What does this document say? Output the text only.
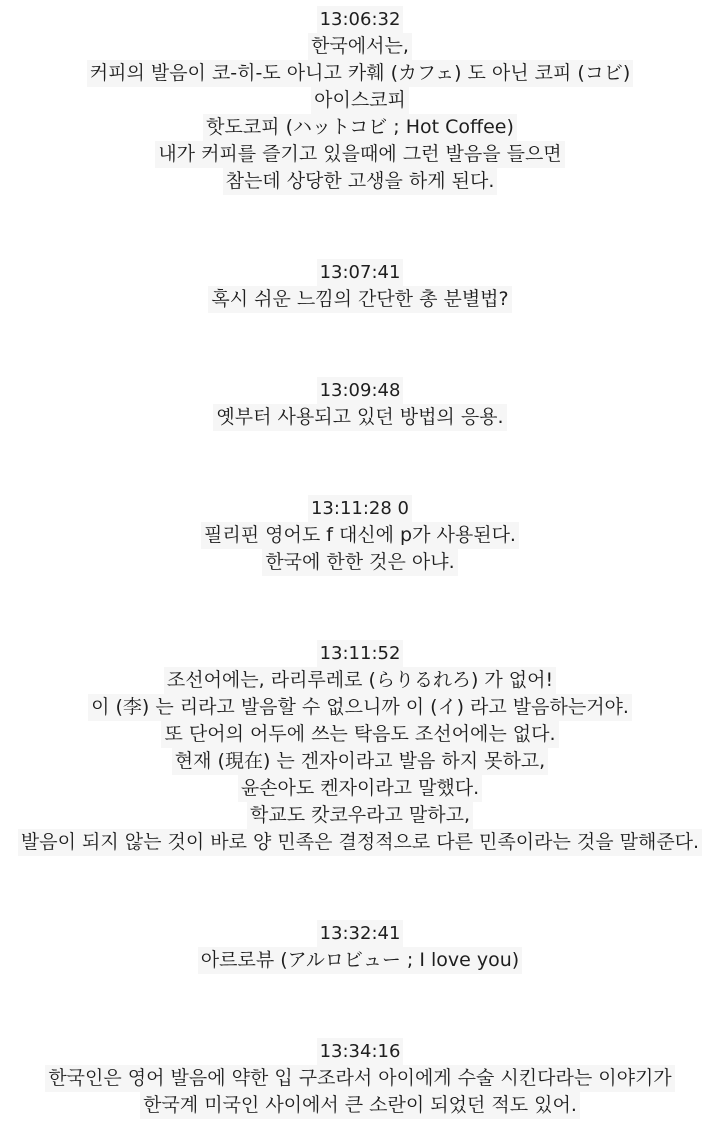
13:06:32
한국에서는,
커피의 발음이 코-히-도 아니고 카훼 (カフェ) 도 아닌 코피 (コビ)
아이스코피
핫도코피 (ハットコビ ; Hot Coffee)
내가 커피를 즐기고 있을때에 그런 발음을 들으면
참는데 상당한 고생을 하게 된다.
13:07:41
혹시 쉬운 느낌의 간단한 총 분별법?
13:09:48
옛부터 사용되고 있던 방법의 응용.
13:11:28 0
필리핀 영어도 f 대신에 p가 사용된다.
한국에 한한 것은 아냐.
13:11:52
조선어에는, 라리루레로 (らりるれろ) 가 없어!
이 (李) 는 리라고 발음할 수 없으니까 이 (イ) 라고 발음하는거야.
또 단어의 어두에 쓰는 탁음도 조선어에는 없다.
현재 (現在) 는 겐자이라고 발음 하지 못하고,
윤손아도 켄자이라고 말했다.
학교도 캇코우라고 말하고,
발음이 되지 않는 것이 바로 양 민족은 결정적으로 다른 민족이라는 것을 말해준다.
13:32:41
아르로뷰 (アルロビュー ; I love you)
13:34:16
한국인은 영어 발음에 약한 입 구조라서 아이에게 수술 시킨다라는 이야기가
한국계 미국인 사이에서 큰 소란이 되었던 적도 있어.
